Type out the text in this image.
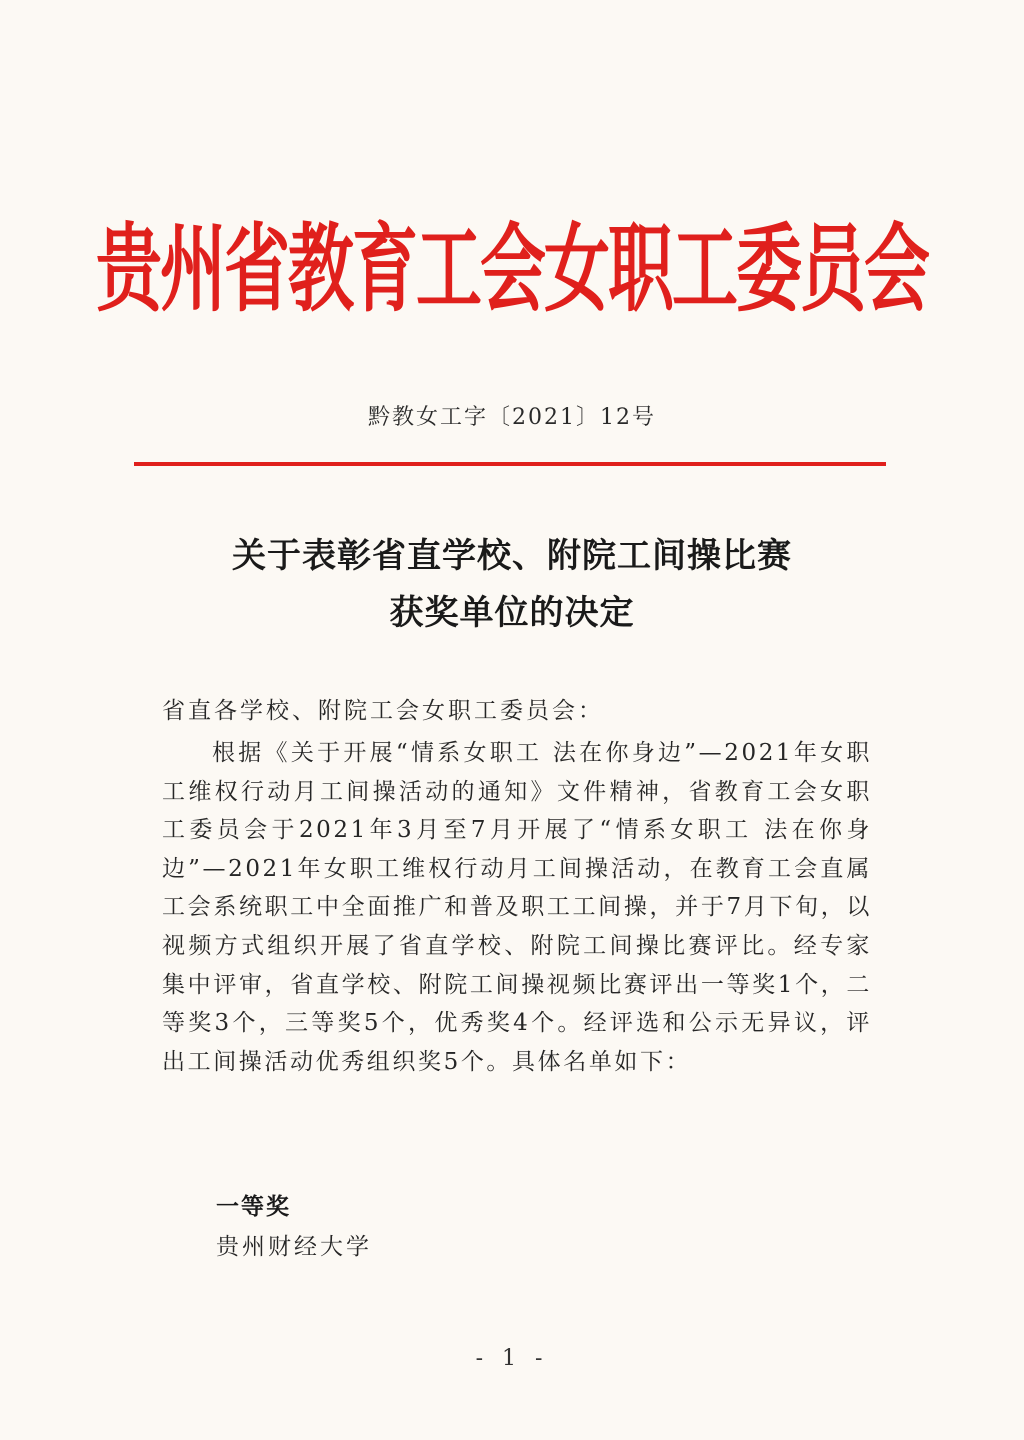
贵州省教育工会女职工委员会
黔教女工字〔2021〕12号
关于表彰省直学校、附院工间操比赛
获奖单位的决定
省直各学校、附院工会女职工委员会：
根据《关于开展“情系女职工 法在你身边”—2021年女职工维权行动月工间操活动的通知》文件精神，省教育工会女职工委员会于2021年3月至7月开展了“情系女职工 法在你身边”—2021年女职工维权行动月工间操活动，在教育工会直属工会系统职工中全面推广和普及职工工间操，并于7月下旬，以视频方式组织开展了省直学校、附院工间操比赛评比。经专家集中评审，省直学校、附院工间操视频比赛评出一等奖1个，二等奖3个，三等奖5个，优秀奖4个。经评选和公示无异议，评出工间操活动优秀组织奖5个。具体名单如下：
一等奖
贵州财经大学
- 1 -
